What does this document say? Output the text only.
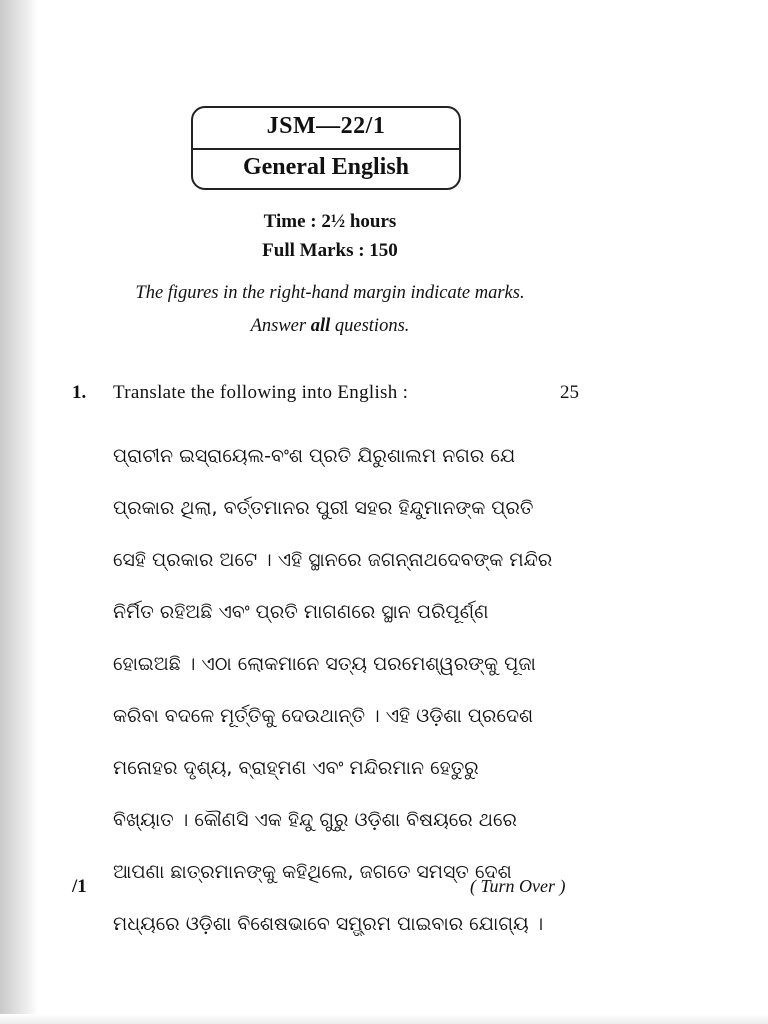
JSM—22/1
General English
Time : 2½ hours
Full Marks : 150
The figures in the right-hand margin indicate marks.
Answer all questions.
1. Translate the following into English :	25
ପ୍ରାଚୀନ ଇସ୍ରାୟେଲ-ବଂଶ ପ୍ରତି ଯିରୁଶାଲମ ନଗର ଯେ
ପ୍ରକାର ଥିଲା, ବର୍ତ୍ତମାନର ପୁରୀ ସହର ହିନ୍ଦୁମାନଙ୍କ ପ୍ରତି
ସେହି ପ୍ରକାର ଅଟେ । ଏହି ସ୍ଥାନରେ ଜଗନ୍ନାଥଦେବଙ୍କ ମନ୍ଦିର
ନିର୍ମିତ ରହିଅଛି ଏବଂ ପ୍ରତି ମାଗଣରେ ସ୍ଥାନ ପରିପୂର୍ଣ୍ଣ
ହୋଇଅଛି । ଏଠା ଲୋକମାନେ ସତ୍ୟ ପରମେଶ୍ୱରଙ୍କୁ ପୂଜା
କରିବା ବଦଳେ ମୂର୍ତ୍ତିକୁ ଦେଉଥାନ୍ତି । ଏହି ଓଡ଼ିଶା ପ୍ରଦେଶ
ମନୋହର ଦୃଶ୍ୟ, ବ୍ରାହ୍ମଣ ଏବଂ ମନ୍ଦିରମାନ ହେତୁରୁ
ବିଖ୍ୟାତ । କୌଣସି ଏକ ହିନ୍ଦୁ ଗୁରୁ ଓଡ଼ିଶା ବିଷୟରେ ଥରେ
ଆପଣା ଛାତ୍ରମାନଙ୍କୁ କହିଥିଲେ, ଜଗତେ ସମସ୍ତ ଦେଶ
ମଧ୍ୟରେ ଓଡ଼ିଶା ବିଶେଷଭାବେ ସମ୍ଭ୍ରମ ପାଇବାର ଯୋଗ୍ୟ ।
/1	( Turn Over )
